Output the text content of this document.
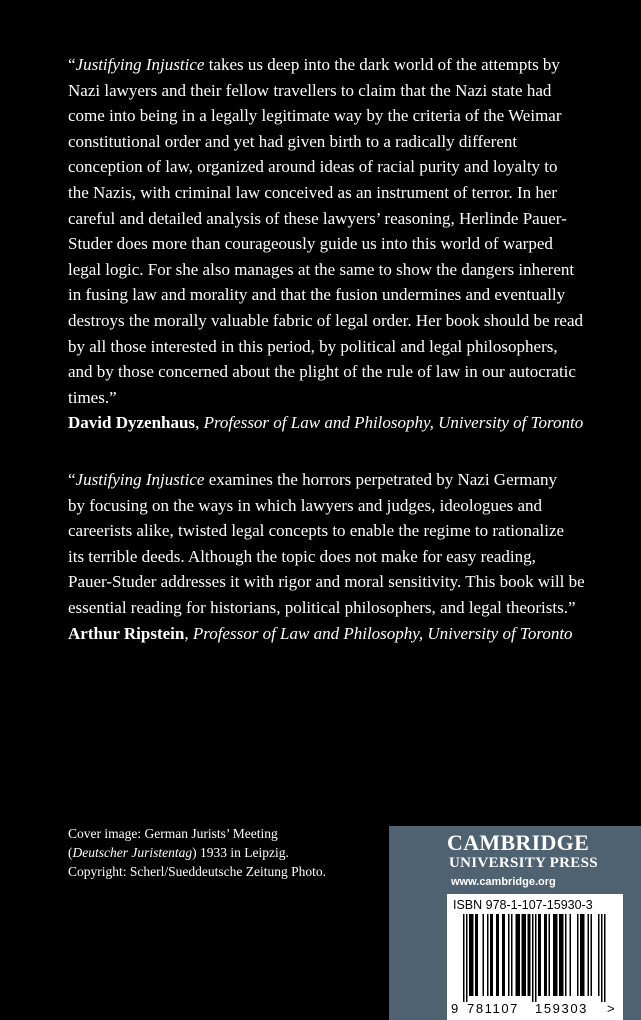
“Justifying Injustice takes us deep into the dark world of the attempts by
Nazi lawyers and their fellow travellers to claim that the Nazi state had
come into being in a legally legitimate way by the criteria of the Weimar
constitutional order and yet had given birth to a radically different
conception of law, organized around ideas of racial purity and loyalty to
the Nazis, with criminal law conceived as an instrument of terror. In her
careful and detailed analysis of these lawyers’ reasoning, Herlinde Pauer-
Studer does more than courageously guide us into this world of warped
legal logic. For she also manages at the same to show the dangers inherent
in fusing law and morality and that the fusion undermines and eventually
destroys the morally valuable fabric of legal order. Her book should be read
by all those interested in this period, by political and legal philosophers,
and by those concerned about the plight of the rule of law in our autocratic
times.”
David Dyzenhaus, Professor of Law and Philosophy, University of Toronto
“Justifying Injustice examines the horrors perpetrated by Nazi Germany
by focusing on the ways in which lawyers and judges, ideologues and
careerists alike, twisted legal concepts to enable the regime to rationalize
its terrible deeds. Although the topic does not make for easy reading,
Pauer-Studer addresses it with rigor and moral sensitivity. This book will be
essential reading for historians, political philosophers, and legal theorists.”
Arthur Ripstein, Professor of Law and Philosophy, University of Toronto
Cover image: German Jurists’ Meeting
(Deutscher Juristentag) 1933 in Leipzig.
Copyright: Scherl/Sueddeutsche Zeitung Photo.
CAMBRIDGE
UNIVERSITY PRESS
www.cambridge.org
ISBN 978-1-107-15930-3
9 781107 159303 >
